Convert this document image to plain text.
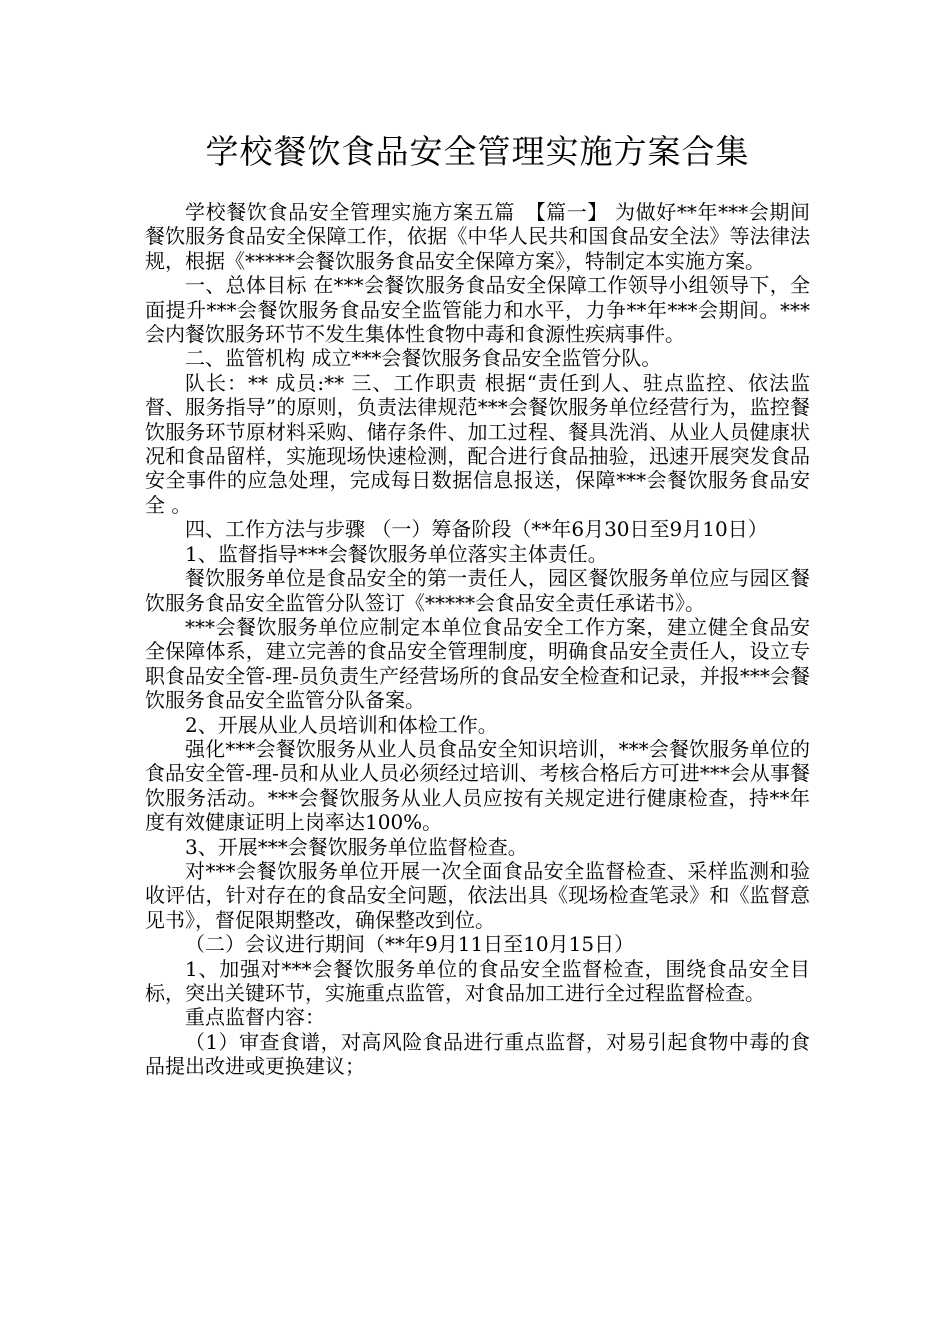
学校餐饮食品安全管理实施方案合集

学校餐饮食品安全管理实施方案五篇　【篇一】 为做好**年***会期间餐饮服务食品安全保障工作，依据《中华人民共和国食品安全法》等法律法规，根据《*****会餐饮服务食品安全保障方案》，特制定本实施方案。

一、总体目标 在***会餐饮服务食品安全保障工作领导小组领导下，全面提升***会餐饮服务食品安全监管能力和水平，力争**年***会期间。***会内餐饮服务环节不发生集体性食物中毒和食源性疾病事件。

二、监管机构 成立***会餐饮服务食品安全监管分队。

队长：** 成员:** 三、工作职责 根据“责任到人、驻点监控、依法监督、服务指导”的原则，负责法律规范***会餐饮服务单位经营行为，监控餐饮服务环节原材料采购、储存条件、加工过程、餐具洗消、从业人员健康状况和食品留样，实施现场快速检测，配合进行食品抽验，迅速开展突发食品安全事件的应急处理，完成每日数据信息报送，保障***会餐饮服务食品安全 。

四、工作方法与步骤 （一）筹备阶段（**年6月30日至9月10日）

1、监督指导***会餐饮服务单位落实主体责任。

餐饮服务单位是食品安全的第一责任人，园区餐饮服务单位应与园区餐饮服务食品安全监管分队签订《*****会食品安全责任承诺书》。

***会餐饮服务单位应制定本单位食品安全工作方案，建立健全食品安全保障体系，建立完善的食品安全管理制度，明确食品安全责任人，设立专职食品安全管-理-员负责生产经营场所的食品安全检查和记录，并报***会餐饮服务食品安全监管分队备案。

2、开展从业人员培训和体检工作。

强化***会餐饮服务从业人员食品安全知识培训，***会餐饮服务单位的食品安全管-理-员和从业人员必须经过培训、考核合格后方可进***会从事餐饮服务活动。***会餐饮服务从业人员应按有关规定进行健康检查，持**年度有效健康证明上岗率达100%。

3、开展***会餐饮服务单位监督检查。

对***会餐饮服务单位开展一次全面食品安全监督检查、采样监测和验收评估，针对存在的食品安全问题，依法出具《现场检查笔录》和《监督意见书》，督促限期整改，确保整改到位。

（二）会议进行期间（**年9月11日至10月15日）

1、加强对***会餐饮服务单位的食品安全监督检查，围绕食品安全目标，突出关键环节，实施重点监管，对食品加工进行全过程监督检查。

重点监督内容：

（1）审查食谱，对高风险食品进行重点监督，对易引起食物中毒的食品提出改进或更换建议；
